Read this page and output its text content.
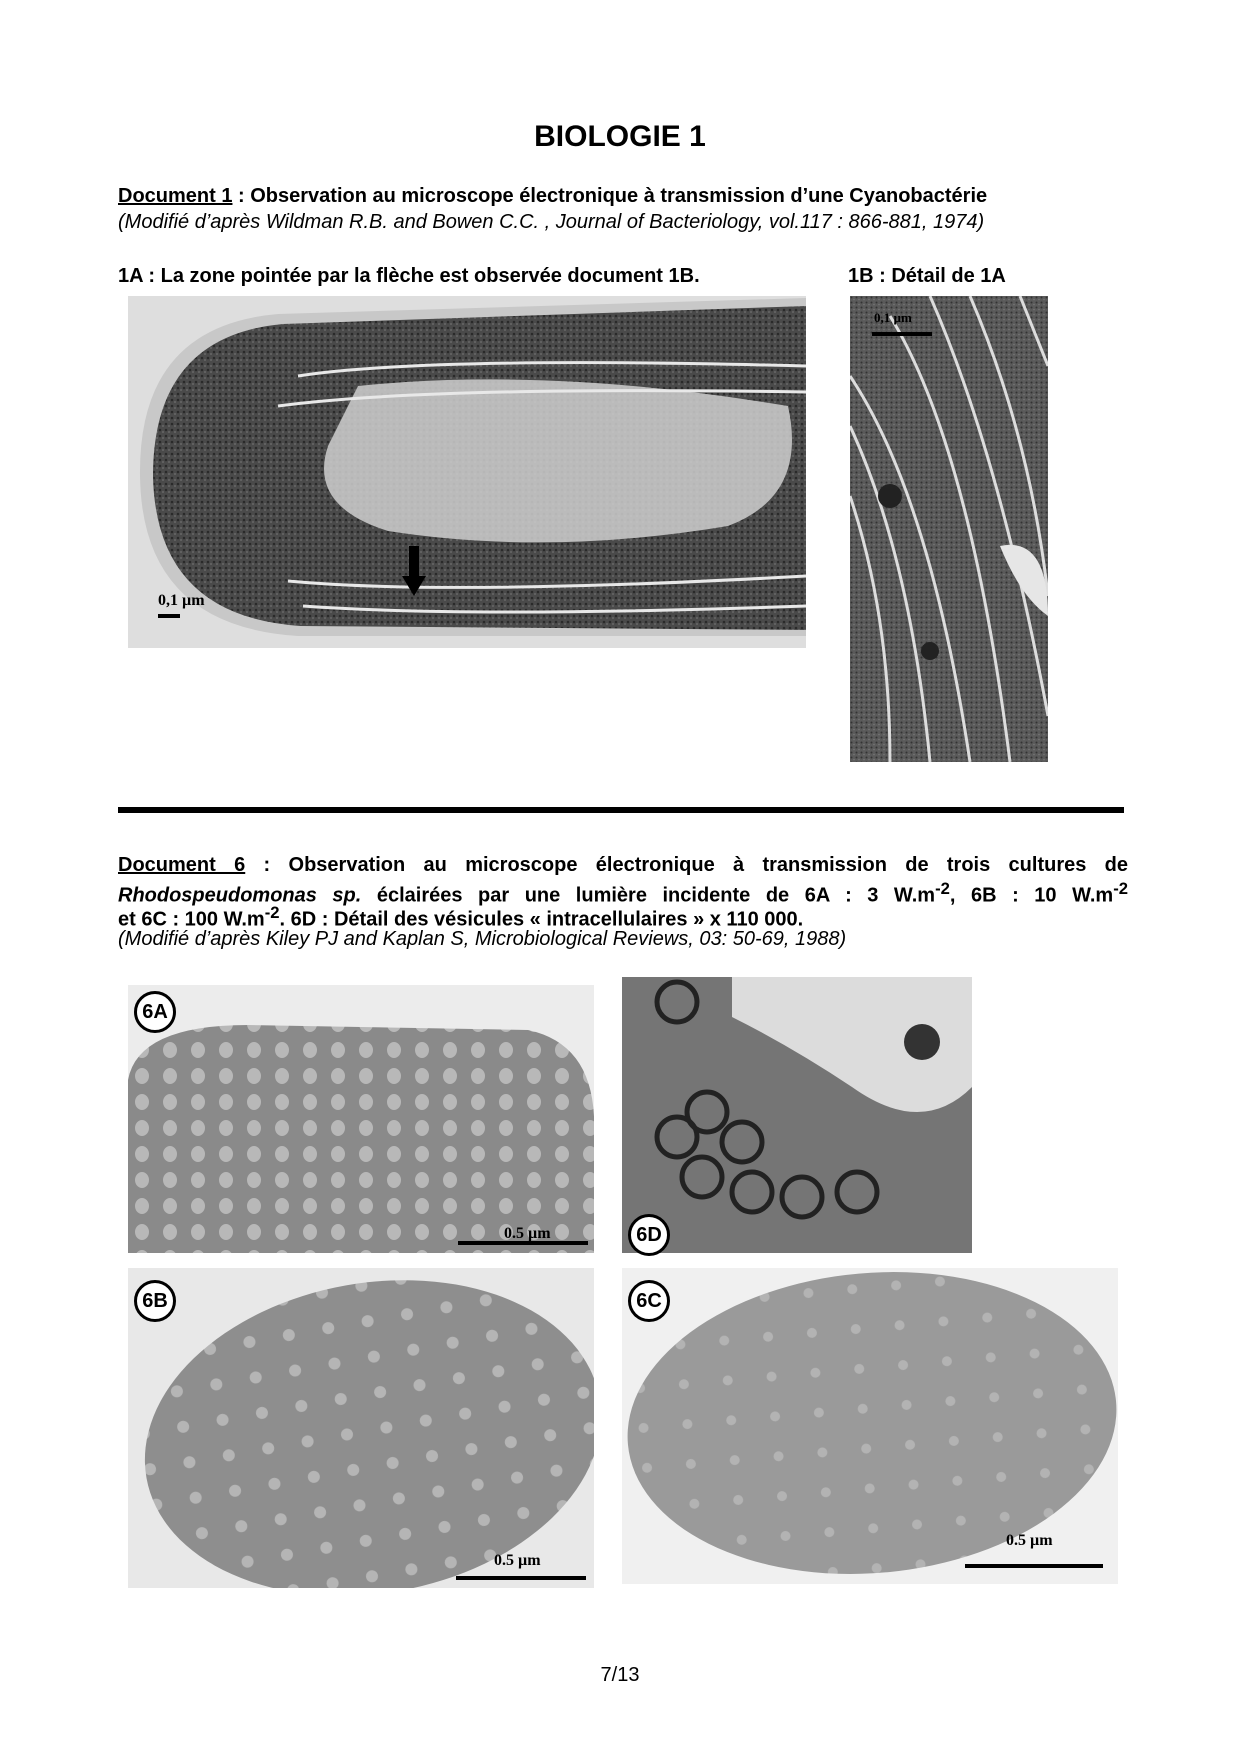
BIOLOGIE 1
Document 1 : Observation au microscope électronique à transmission d’une Cyanobactérie
(Modifié d’après Wildman R.B. and Bowen C.C. , Journal of Bacteriology, vol.117 : 866-881, 1974)
1A : La zone pointée par la flèche est observée document 1B.	1B : Détail de 1A
0,1 µm
0,1 µm
Document 6 : Observation au microscope électronique à transmission de trois cultures de
Rhodospeudomonas sp. éclairées par une lumière incidente de 6A : 3 $W.m^{-2}$, 6B : 10 $W.m^{-2}$
et 6C : 100 $W.m^{-2}$. 6D : Détail des vésicules « intracellulaires » x 110 000.
(Modifié d’après Kiley PJ and Kaplan S, Microbiological Reviews, 03: 50-69, 1988)
6A
0.5 µm	6D
6B
0.5 µm
6C
0.5 µm
7/13
